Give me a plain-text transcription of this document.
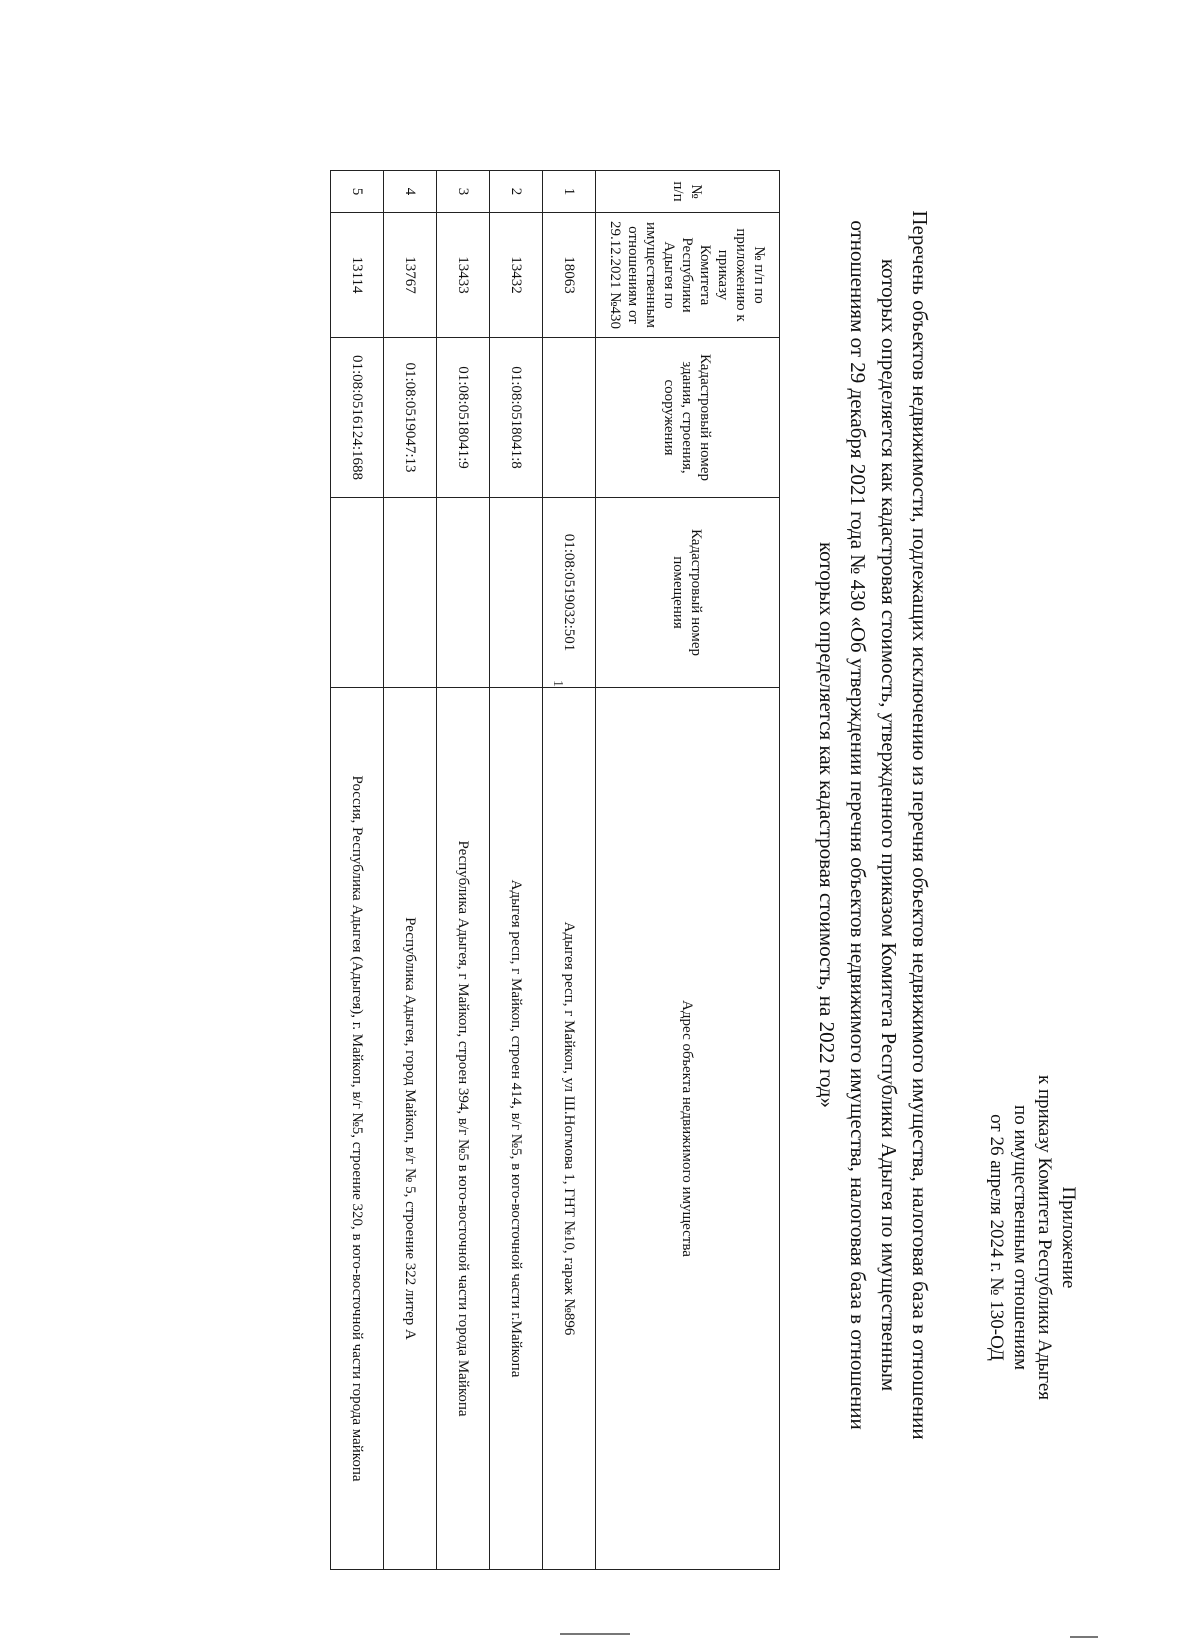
Приложение
к приказу Комитета Республики Адыгея
по имущественным отношениям
от 26 апреля 2024 г. № 130-ОД
Перечень объектов недвижимости, подлежащих исключению из перечня объектов недвижимого имущества, налоговая база в отношении которых определяется как кадастровая стоимость, утвержденного приказом Комитета Республики Адыгея по имущественным отношениям от 29 декабря 2021 года № 430 «Об утверждении перечня объектов недвижимого имущества, налоговая база в отношении которых определяется как кадастровая стоимость, на 2022 год»
№ п/п	№ п/п по приложению к приказу Комитета Республики Адыгея по имущественным отношениям от 29.12.2021 №430	Кадастровый номер здания, строения, сооружения	Кадастровый номер помещения	Адрес объекта недвижимого имущества
1	18063		01:08:0519032:501	Адыгея респ, г Майкоп, ул Ш.Ногмова 1, ГНТ №10, гараж №896
2	13432	01:08:0518041:8		Адыгея респ, г Майкоп, строен 414, в/г №5, в юго-восточной части г.Майкопа
3	13433	01:08:0518041:9		Республика Адыгея, г Майкоп, строен 394, в/г №5 в юго-восточной части города Майкопа
4	13767	01:08:0519047:13		Республика Адыгея, город Майкоп, в/г № 5, строение 322 литер А
5	13114	01:08:0516124:1688		Россия, Республика Адыгея (Адыгея), г. Майкоп, в/г №5, строение 320, в юго-восточной части города майкопа
1
